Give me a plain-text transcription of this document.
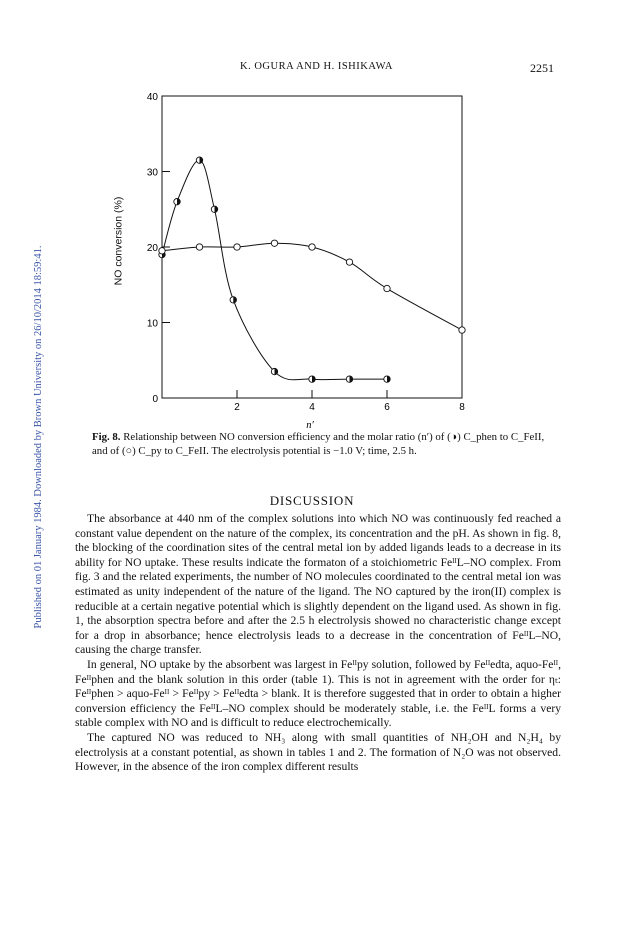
Published on 01 January 1984. Downloaded by Brown University on 26/10/2014 18:59:41.
K. OGURA AND H. ISHIKAWA	2251
0
10
20
30
40
2	4	6	8
n′
NO conversion (%)
Fig. 8. Relationship between NO conversion efficiency and the molar ratio (n′) of (◑) C_phen to C_FeII, and of (○) C_py to C_FeII. The electrolysis potential is −1.0 V; time, 2.5 h.
DISCUSSION

The absorbance at 440 nm of the complex solutions into which NO was continuously fed reached a constant value dependent on the nature of the complex, its concentration and the pH. As shown in fig. 8, the blocking of the coordination sites of the central metal ion by added ligands leads to a decrease in its ability for NO uptake. These results indicate the formaton of a stoichiometric FeᴵᴵL–NO complex. From fig. 3 and the related experiments, the number of NO molecules coordinated to the central metal ion was estimated as unity independent of the nature of the ligand. The NO captured by the iron(II) complex is reducible at a certain negative potential which is slightly dependent on the ligand used. As shown in fig. 1, the absorption spectra before and after the 2.5 h electrolysis showed no characteristic change except for a drop in absorbance; hence electrolysis leads to a decrease in the concentration of FeᴵᴵL–NO, causing the charge transfer.

In general, NO uptake by the absorbent was largest in Feᴵᴵpy solution, followed by Feᴵᴵedta, aquo-Feᴵᴵ, Feᴵᴵphen and the blank solution in this order (table 1). This is not in agreement with the order for ηₜ: Feᴵᴵphen > aquo-Feᴵᴵ > Feᴵᴵpy > Feᴵᴵedta > blank. It is therefore suggested that in order to obtain a higher conversion efficiency the FeᴵᴵL–NO complex should be moderately stable, i.e. the FeᴵᴵL forms a very stable complex with NO and is difficult to reduce electrochemically.

The captured NO was reduced to NH₃ along with small quantities of NH₂OH and N₂H₄ by electrolysis at a constant potential, as shown in tables 1 and 2. The formation of N₂O was not observed. However, in the absence of the iron complex different results
